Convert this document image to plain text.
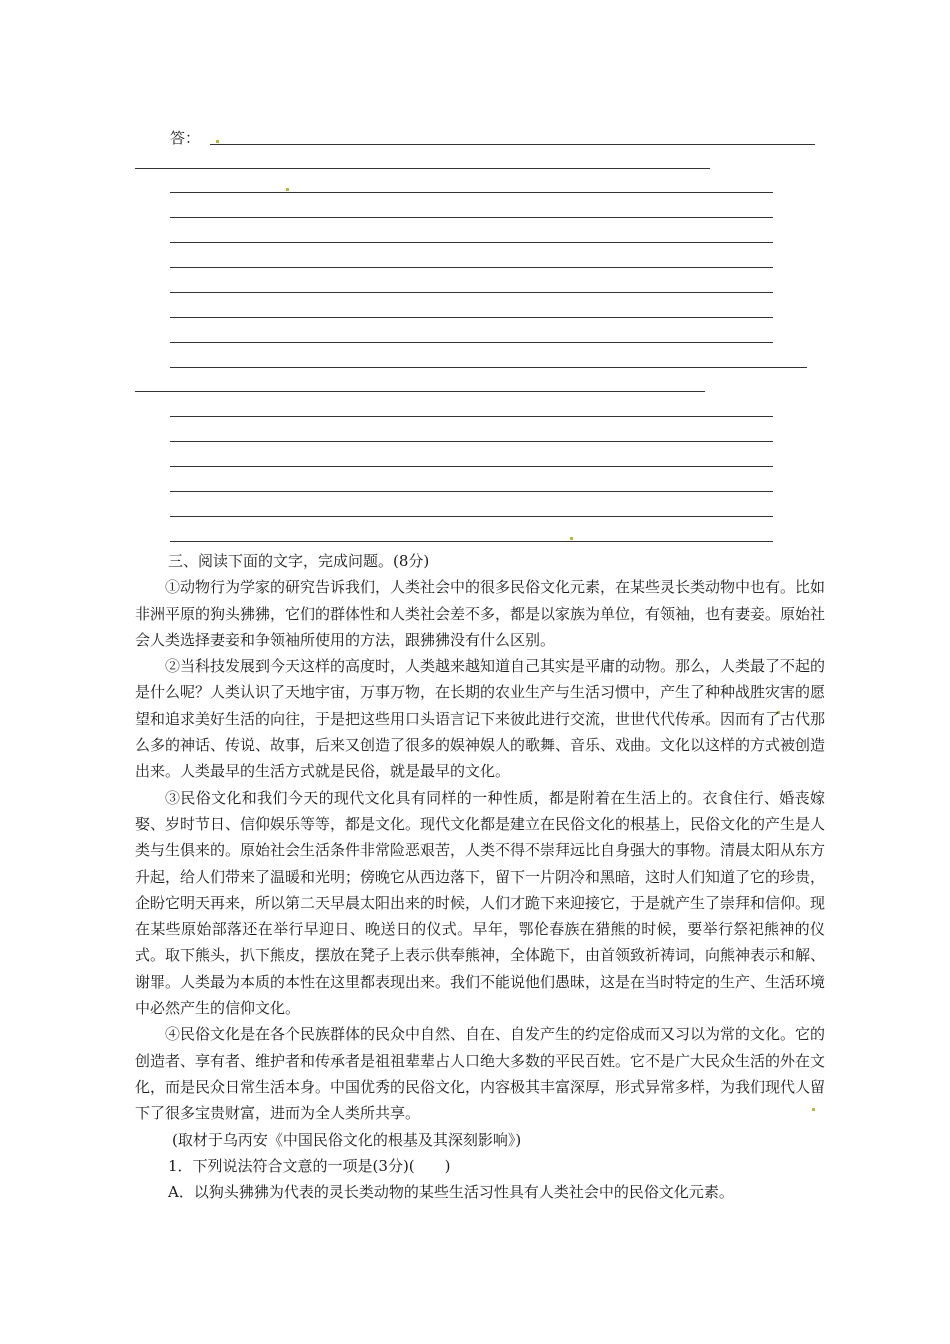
答：

三、阅读下面的文字，完成问题。(8分)

①动物行为学家的研究告诉我们，人类社会中的很多民俗文化元素，在某些灵长类动物中也有。比如非洲平原的狗头狒狒，它们的群体性和人类社会差不多，都是以家族为单位，有领袖，也有妻妾。原始社会人类选择妻妾和争领袖所使用的方法，跟狒狒没有什么区别。

②当科技发展到今天这样的高度时，人类越来越知道自己其实是平庸的动物。那么，人类最了不起的是什么呢？人类认识了天地宇宙，万事万物，在长期的农业生产与生活习惯中，产生了种种战胜灾害的愿望和追求美好生活的向往，于是把这些用口头语言记下来彼此进行交流，世世代代传承。因而有了古代那么多的神话、传说、故事，后来又创造了很多的娱神娱人的歌舞、音乐、戏曲。文化以这样的方式被创造出来。人类最早的生活方式就是民俗，就是最早的文化。

③民俗文化和我们今天的现代文化具有同样的一种性质，都是附着在生活上的。衣食住行、婚丧嫁娶、岁时节日、信仰娱乐等等，都是文化。现代文化都是建立在民俗文化的根基上，民俗文化的产生是人类与生俱来的。原始社会生活条件非常险恶艰苦，人类不得不崇拜远比自身强大的事物。清晨太阳从东方升起，给人们带来了温暖和光明；傍晚它从西边落下，留下一片阴冷和黑暗，这时人们知道了它的珍贵，企盼它明天再来，所以第二天早晨太阳出来的时候，人们才跪下来迎接它，于是就产生了崇拜和信仰。现在某些原始部落还在举行早迎日、晚送日的仪式。早年，鄂伦春族在猎熊的时候，要举行祭祀熊神的仪式。取下熊头，扒下熊皮，摆放在凳子上表示供奉熊神，全体跪下，由首领致祈祷词，向熊神表示和解、谢罪。人类最为本质的本性在这里都表现出来。我们不能说他们愚昧，这是在当时特定的生产、生活环境中必然产生的信仰文化。

④民俗文化是在各个民族群体的民众中自然、自在、自发产生的约定俗成而又习以为常的文化。它的创造者、享有者、维护者和传承者是祖祖辈辈占人口绝大多数的平民百姓。它不是广大民众生活的外在文化，而是民众日常生活本身。中国优秀的民俗文化，内容极其丰富深厚，形式异常多样，为我们现代人留下了很多宝贵财富，进而为全人类所共享。

(取材于乌丙安《中国民俗文化的根基及其深刻影响》)

1．下列说法符合文意的一项是(3分)(　　)

A．以狗头狒狒为代表的灵长类动物的某些生活习性具有人类社会中的民俗文化元素。
